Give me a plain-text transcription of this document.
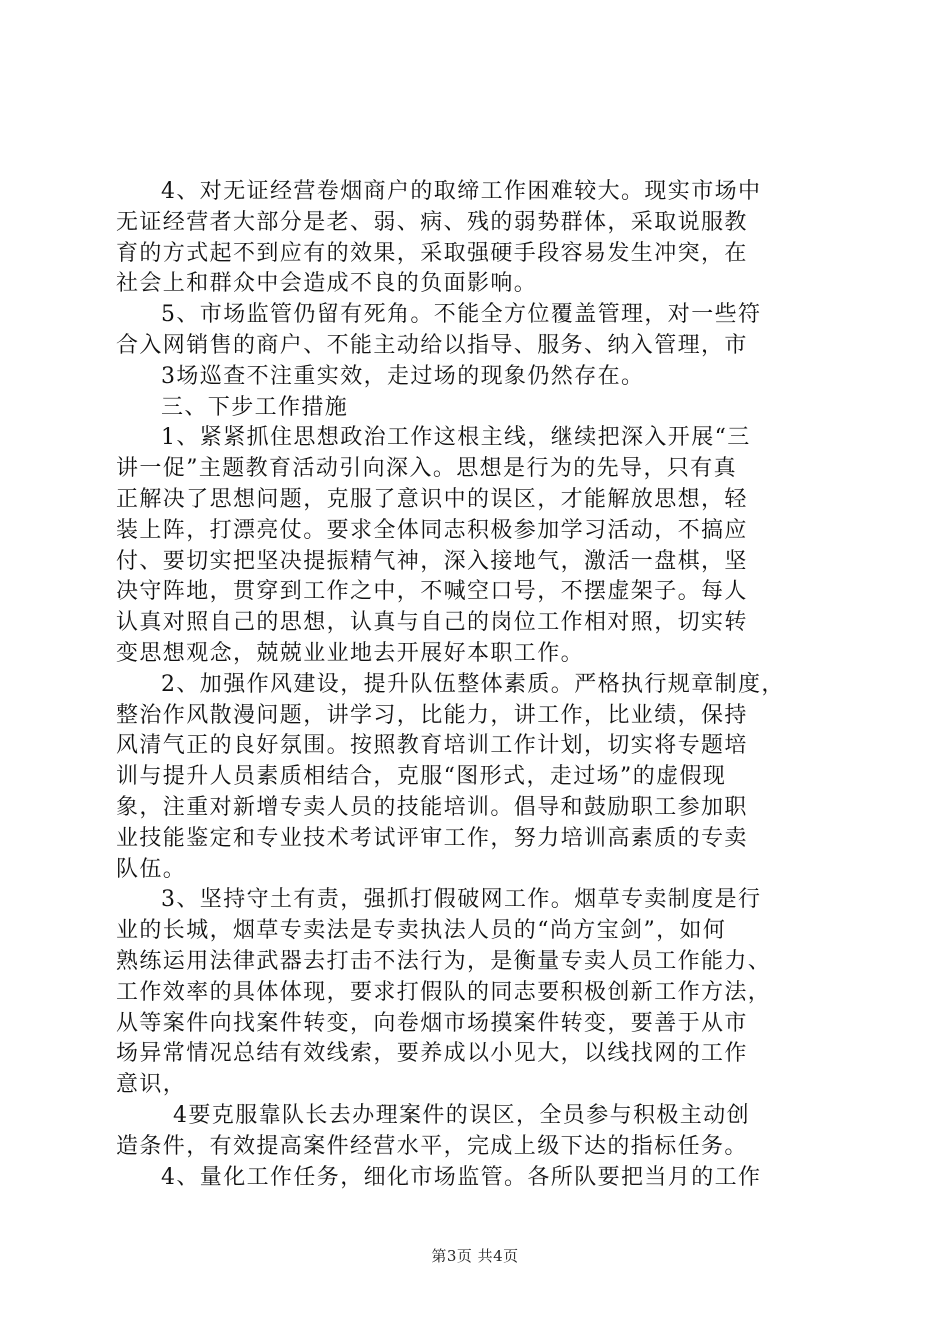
4、对无证经营卷烟商户的取缔工作困难较大。现实市场中
无证经营者大部分是老、弱、病、残的弱势群体，采取说服教
育的方式起不到应有的效果，采取强硬手段容易发生冲突，在
社会上和群众中会造成不良的负面影响。
5、市场监管仍留有死角。不能全方位覆盖管理，对一些符
合入网销售的商户、不能主动给以指导、服务、纳入管理，市
3场巡查不注重实效，走过场的现象仍然存在。
三、下步工作措施
1、紧紧抓住思想政治工作这根主线，继续把深入开展“三
讲一促”主题教育活动引向深入。思想是行为的先导，只有真
正解决了思想问题，克服了意识中的误区，才能解放思想，轻
装上阵，打漂亮仗。要求全体同志积极参加学习活动，不搞应
付、要切实把坚决提振精气神，深入接地气，激活一盘棋，坚
决守阵地，贯穿到工作之中，不喊空口号，不摆虚架子。每人
认真对照自己的思想，认真与自己的岗位工作相对照，切实转
变思想观念，兢兢业业地去开展好本职工作。
2、加强作风建设，提升队伍整体素质。严格执行规章制度，
整治作风散漫问题，讲学习，比能力，讲工作，比业绩，保持
风清气正的良好氛围。按照教育培训工作计划，切实将专题培
训与提升人员素质相结合，克服“图形式，走过场”的虚假现
象，注重对新增专卖人员的技能培训。倡导和鼓励职工参加职
业技能鉴定和专业技术考试评审工作，努力培训高素质的专卖
队伍。
3、坚持守土有责，强抓打假破网工作。烟草专卖制度是行
业的长城，烟草专卖法是专卖执法人员的“尚方宝剑”，如何
熟练运用法律武器去打击不法行为，是衡量专卖人员工作能力、
工作效率的具体体现，要求打假队的同志要积极创新工作方法，
从等案件向找案件转变，向卷烟市场摸案件转变，要善于从市
场异常情况总结有效线索，要养成以小见大，以线找网的工作
意识，
4要克服靠队长去办理案件的误区，全员参与积极主动创
造条件，有效提高案件经营水平，完成上级下达的指标任务。
4、量化工作任务，细化市场监管。各所队要把当月的工作
第3页 共4页
